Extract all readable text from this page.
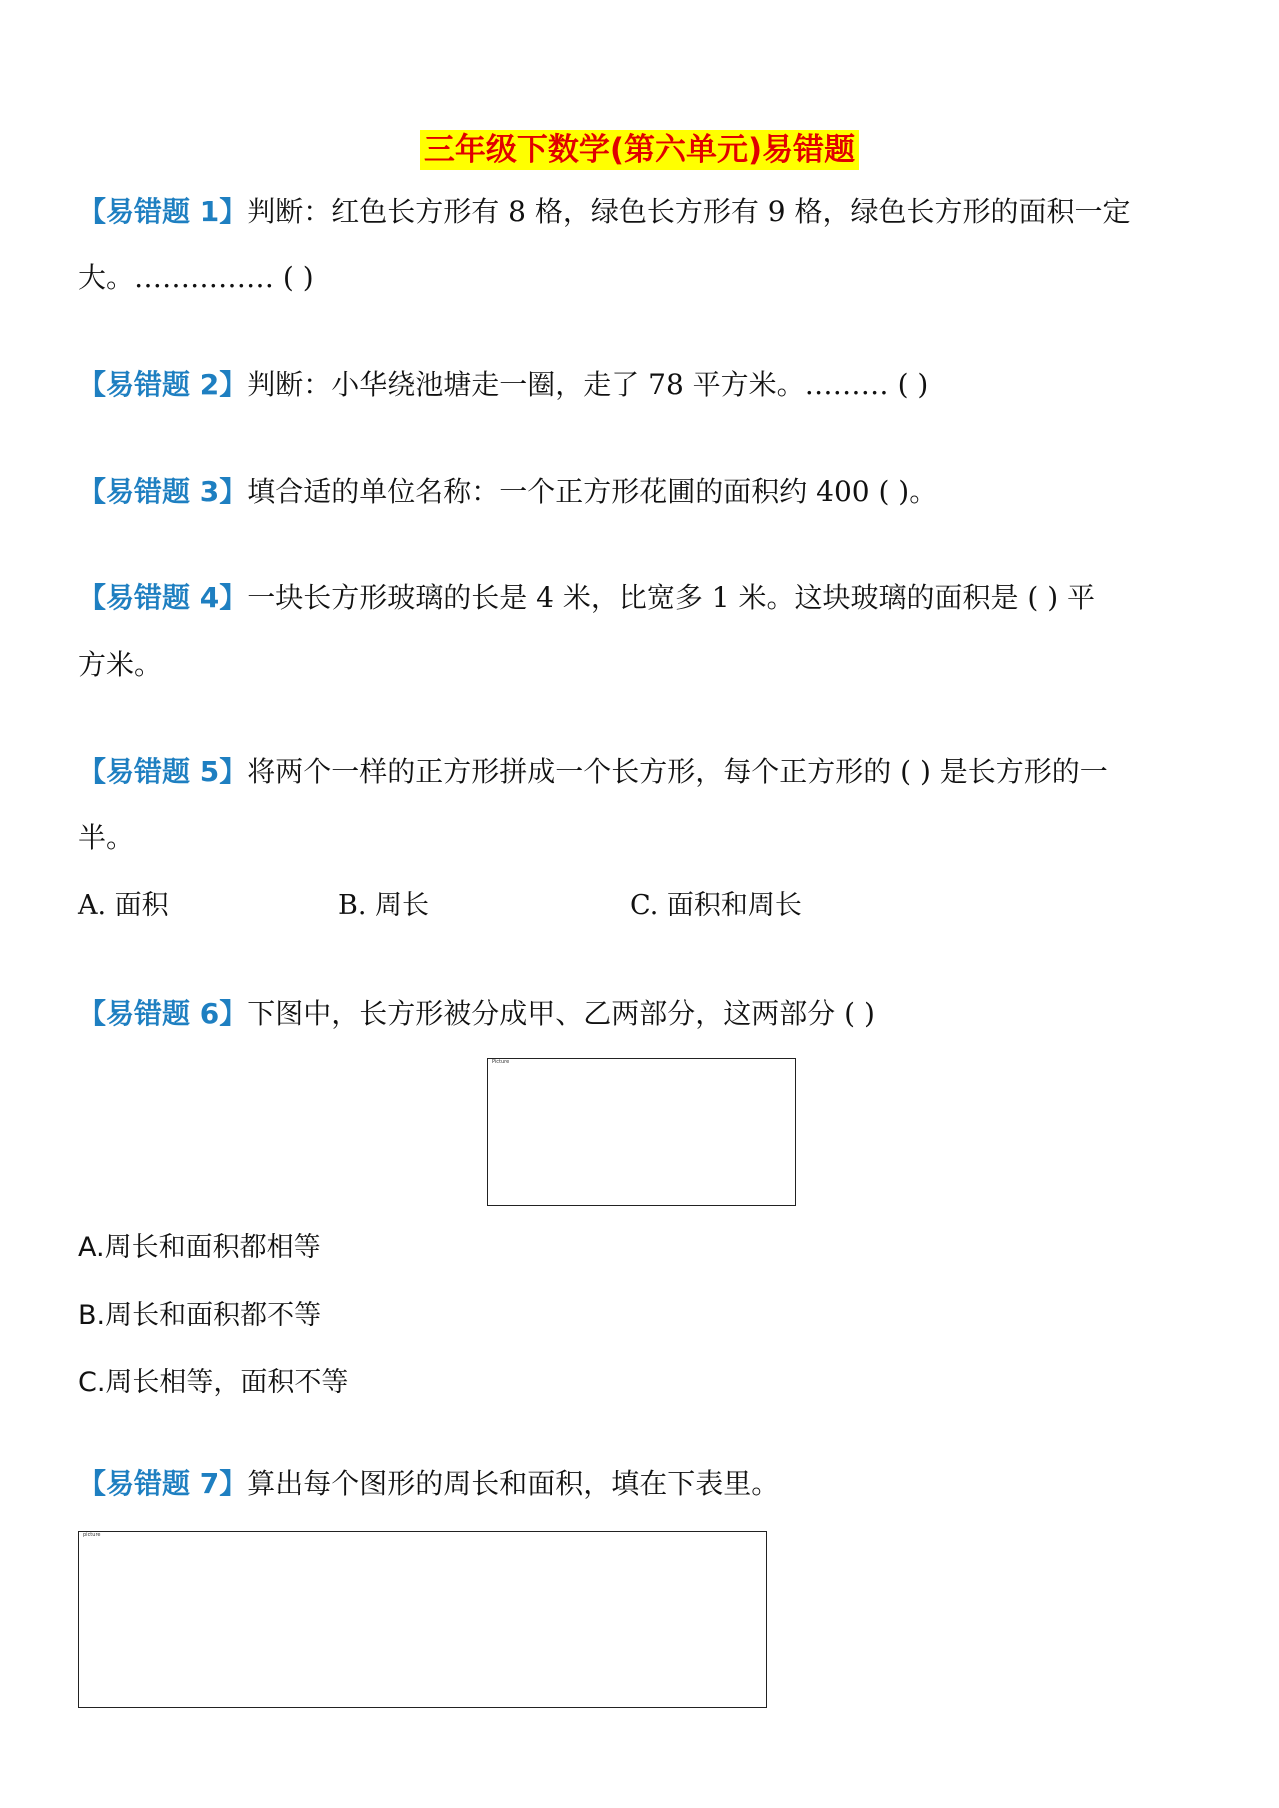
三年级下数学(第六单元)易错题
【易错题 1】判断：红色长方形有 8 格，绿色长方形有 9 格，绿色长方形的面积一定
大。…………… ( )
【易错题 2】判断：小华绕池塘走一圈，走了 78 平方米。……… ( )
【易错题 3】填合适的单位名称：一个正方形花圃的面积约 400 ( )。
【易错题 4】一块长方形玻璃的长是 4 米，比宽多 1 米。这块玻璃的面积是 ( ) 平
方米。
【易错题 5】将两个一样的正方形拼成一个长方形，每个正方形的 ( ) 是长方形的一
半。
A. 面积	B. 周长	C. 面积和周长
【易错题 6】下图中，长方形被分成甲、乙两部分，这两部分 ( )
Picture
A.周长和面积都相等
B.周长和面积都不等
C.周长相等，面积不等
【易错题 7】算出每个图形的周长和面积，填在下表里。
picture
